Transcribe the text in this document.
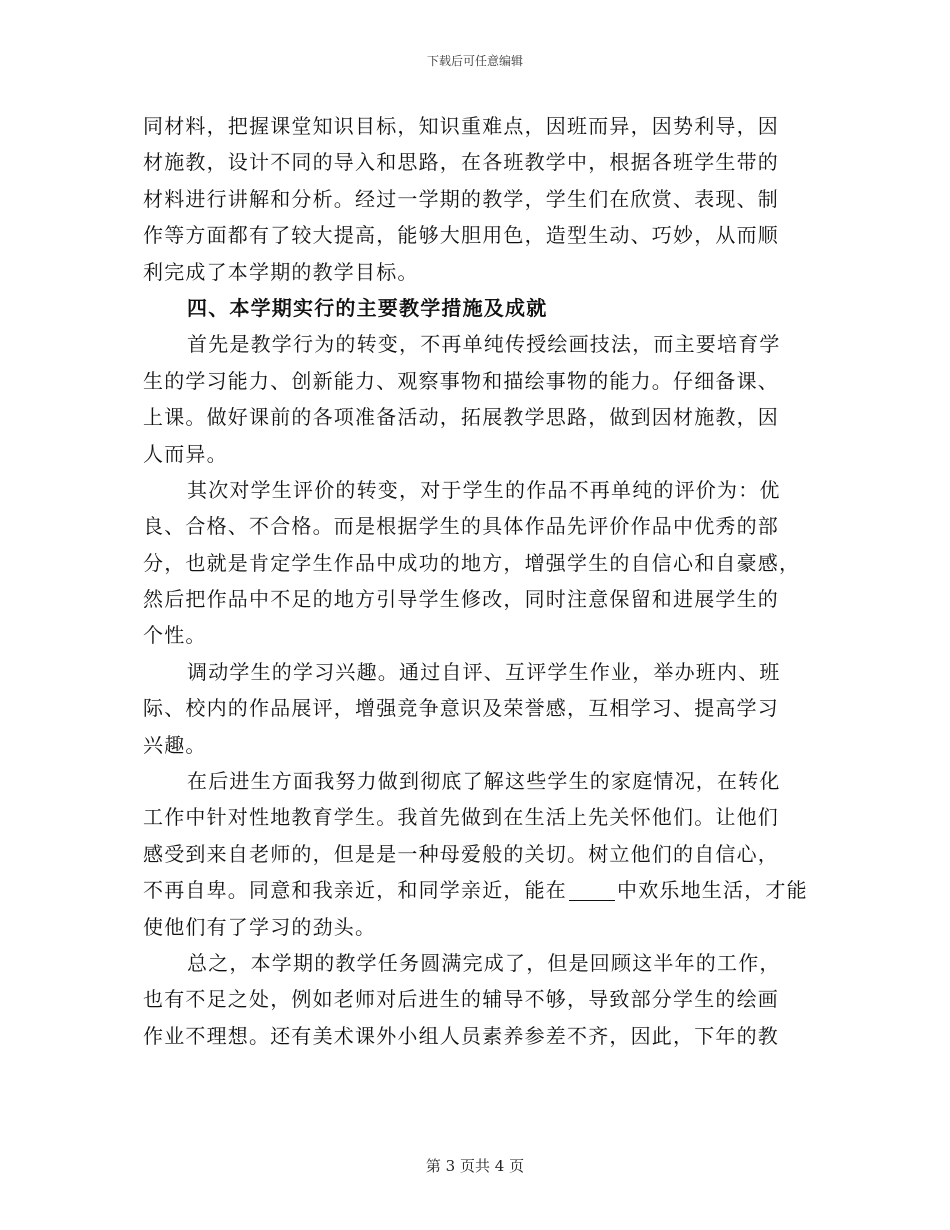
下载后可任意编辑
同材料，把握课堂知识目标，知识重难点，因班而异，因势利导，因
材施教，设计不同的导入和思路，在各班教学中，根据各班学生带的
材料进行讲解和分析。经过一学期的教学，学生们在欣赏、表现、制
作等方面都有了较大提高，能够大胆用色，造型生动、巧妙，从而顺
利完成了本学期的教学目标。
四、本学期实行的主要教学措施及成就
首先是教学行为的转变，不再单纯传授绘画技法，而主要培育学
生的学习能力、创新能力、观察事物和描绘事物的能力。仔细备课、
上课。做好课前的各项准备活动，拓展教学思路，做到因材施教，因
人而异。
其次对学生评价的转变，对于学生的作品不再单纯的评价为：优
良、合格、不合格。而是根据学生的具体作品先评价作品中优秀的部
分，也就是肯定学生作品中成功的地方，增强学生的自信心和自豪感，
然后把作品中不足的地方引导学生修改，同时注意保留和进展学生的
个性。
调动学生的学习兴趣。通过自评、互评学生作业，举办班内、班
际、校内的作品展评，增强竞争意识及荣誉感，互相学习、提高学习
兴趣。
在后进生方面我努力做到彻底了解这些学生的家庭情况，在转化
工作中针对性地教育学生。我首先做到在生活上先关怀他们。让他们
感受到来自老师的，但是是一种母爱般的关切。树立他们的自信心，
不再自卑。同意和我亲近，和同学亲近，能在	中欢乐地生活，才能
使他们有了学习的劲头。
总之，本学期的教学任务圆满完成了，但是回顾这半年的工作，
也有不足之处，例如老师对后进生的辅导不够，导致部分学生的绘画
作业不理想。还有美术课外小组人员素养参差不齐，因此，下年的教
第 3 页共 4 页
